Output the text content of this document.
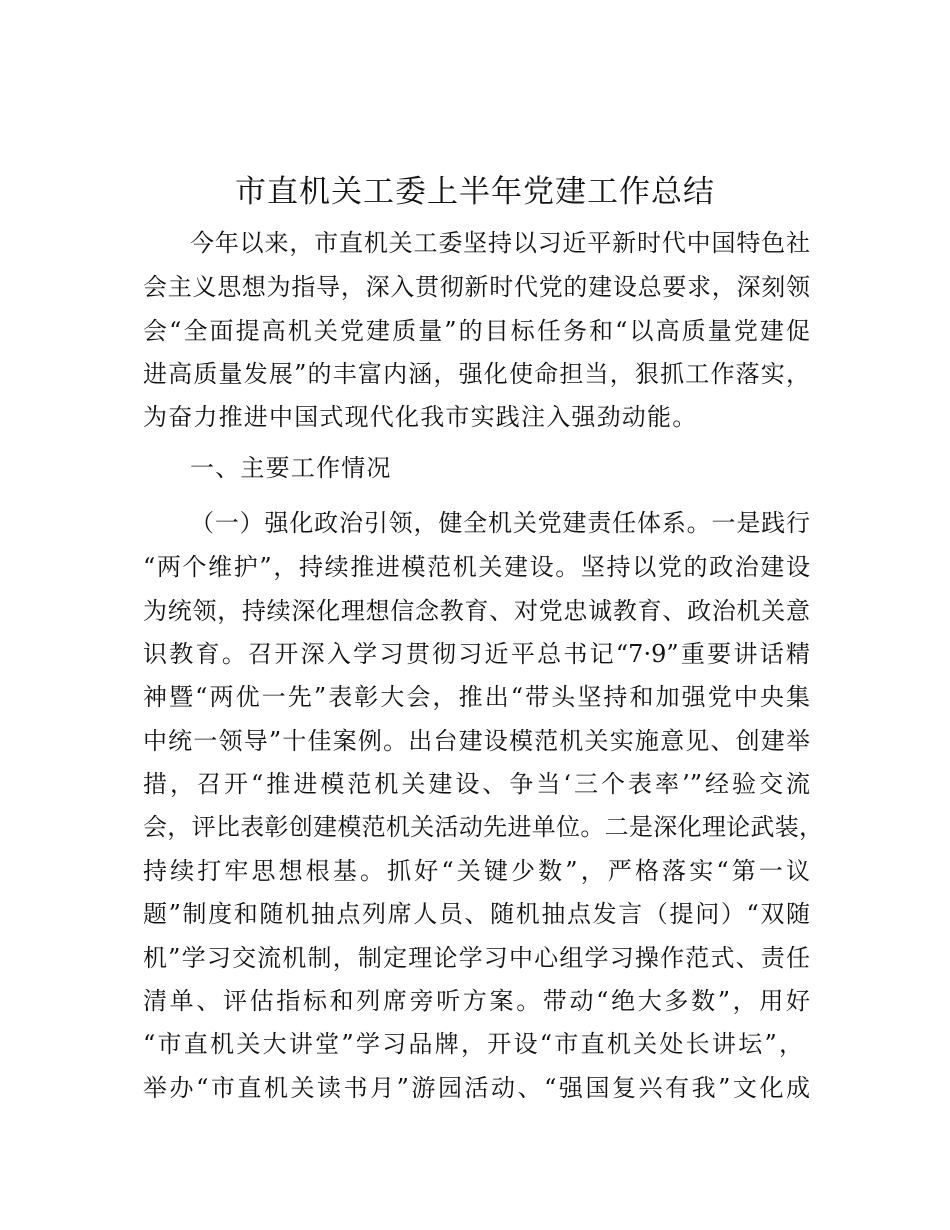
市直机关工委上半年党建工作总结
今年以来，市直机关工委坚持以习近平新时代中国特色社
会主义思想为指导，深入贯彻新时代党的建设总要求，深刻领
会“全面提高机关党建质量”的目标任务和“以高质量党建促
进高质量发展”的丰富内涵，强化使命担当，狠抓工作落实，
为奋力推进中国式现代化我市实践注入强劲动能。
一、主要工作情况
（一）强化政治引领，健全机关党建责任体系。一是践行
“两个维护”，持续推进模范机关建设。坚持以党的政治建设
为统领，持续深化理想信念教育、对党忠诚教育、政治机关意
识教育。召开深入学习贯彻习近平总书记“7·9”重要讲话精
神暨“两优一先”表彰大会，推出“带头坚持和加强党中央集
中统一领导”十佳案例。出台建设模范机关实施意见、创建举
措，召开“推进模范机关建设、争当‘三个表率’”经验交流
会，评比表彰创建模范机关活动先进单位。二是深化理论武装，
持续打牢思想根基。抓好“关键少数”，严格落实“第一议
题”制度和随机抽点列席人员、随机抽点发言（提问）“双随
机”学习交流机制，制定理论学习中心组学习操作范式、责任
清单、评估指标和列席旁听方案。带动“绝大多数”，用好
“市直机关大讲堂”学习品牌，开设“市直机关处长讲坛”，
举办“市直机关读书月”游园活动、“强国复兴有我”文化成
